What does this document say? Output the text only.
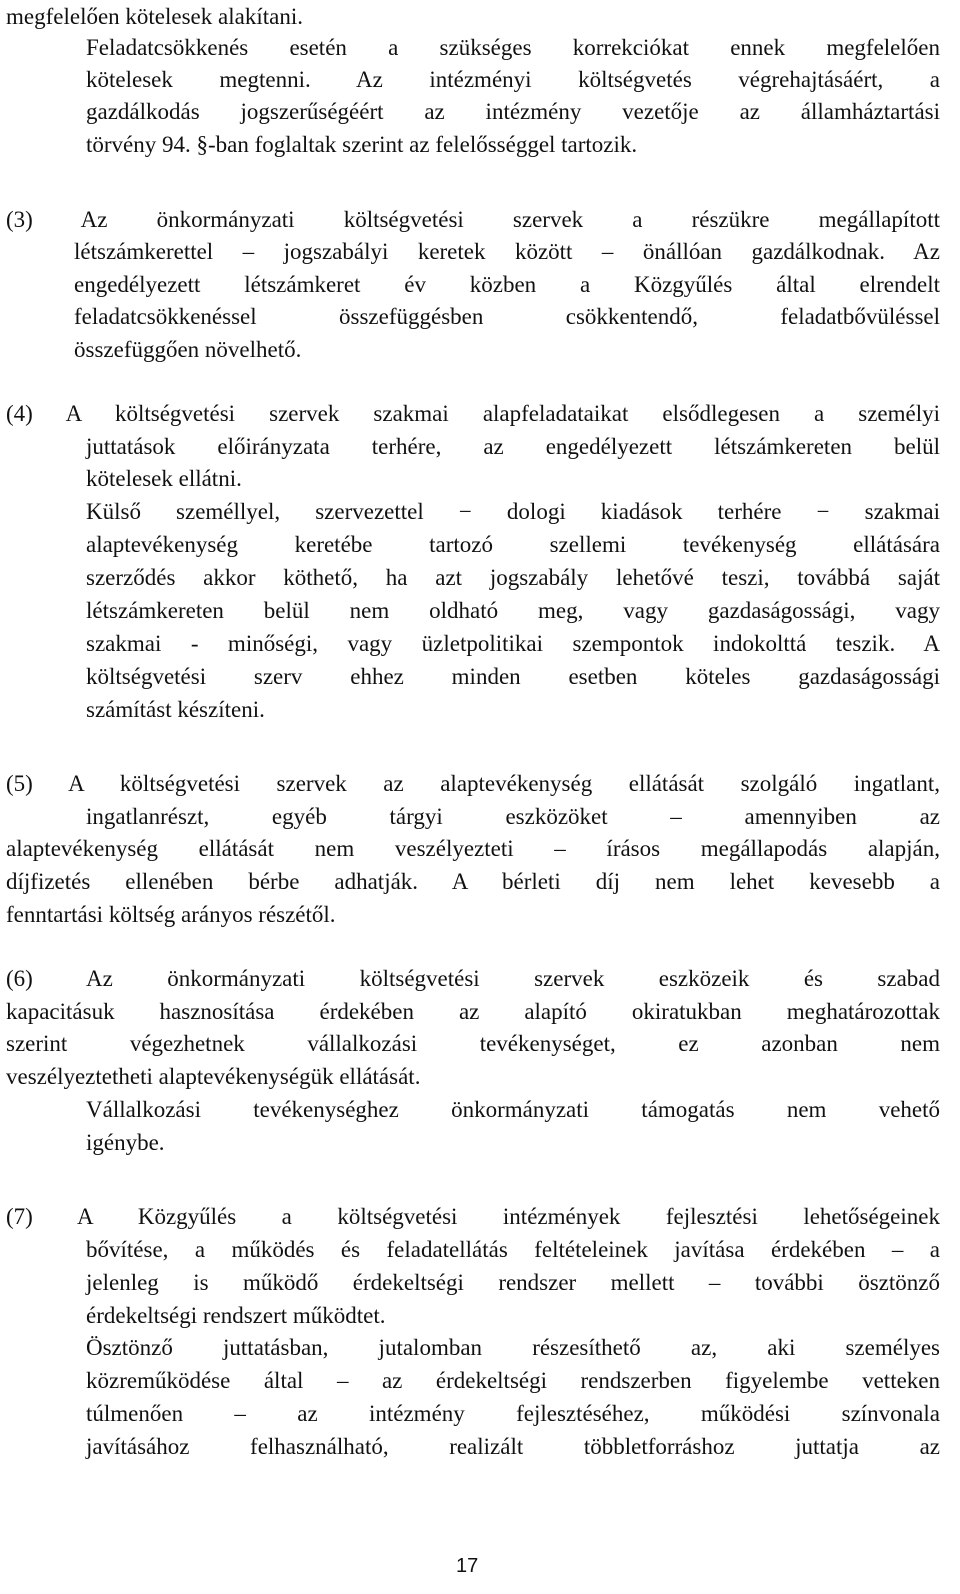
megfelelően kötelesek alakítani.
Feladatcsökkenés esetén a szükséges korrekciókat ennek megfelelően
kötelesek megtenni. Az intézményi költségvetés végrehajtásáért, a
gazdálkodás jogszerűségéért az intézmény vezetője az államháztartási
törvény 94. §-ban foglaltak szerint az felelősséggel tartozik.
(3) Az önkormányzati költségvetési szervek a részükre megállapított
létszámkerettel – jogszabályi keretek között – önállóan gazdálkodnak. Az
engedélyezett létszámkeret év közben a Közgyűlés által elrendelt
feladatcsökkenéssel összefüggésben csökkentendő, feladatbővüléssel
összefüggően növelhető.
(4) A költségvetési szervek szakmai alapfeladataikat elsődlegesen a személyi
juttatások előirányzata terhére, az engedélyezett létszámkereten belül
kötelesek ellátni.
Külső személlyel, szervezettel − dologi kiadások terhére − szakmai
alaptevékenység keretébe tartozó szellemi tevékenység ellátására
szerződés akkor köthető, ha azt jogszabály lehetővé teszi, továbbá saját
létszámkereten belül nem oldható meg, vagy gazdaságossági, vagy
szakmai - minőségi, vagy üzletpolitikai szempontok indokolttá teszik. A
költségvetési szerv ehhez minden esetben köteles gazdaságossági
számítást készíteni.
(5) A költségvetési szervek az alaptevékenység ellátását szolgáló ingatlant,
ingatlanrészt, egyéb tárgyi eszközöket – amennyiben az
alaptevékenység ellátását nem veszélyezteti – írásos megállapodás alapján,
díjfizetés ellenében bérbe adhatják. A bérleti díj nem lehet kevesebb a
fenntartási költség arányos részétől.
(6) Az önkormányzati költségvetési szervek eszközeik és szabad
kapacitásuk hasznosítása érdekében az alapító okiratukban meghatározottak
szerint végezhetnek vállalkozási tevékenységet, ez azonban nem
veszélyeztetheti alaptevékenységük ellátását.
Vállalkozási tevékenységhez önkormányzati támogatás nem vehető
igénybe.
(7) A Közgyűlés a költségvetési intézmények fejlesztési lehetőségeinek
bővítése, a működés és feladatellátás feltételeinek javítása érdekében – a
jelenleg is működő érdekeltségi rendszer mellett – további ösztönző
érdekeltségi rendszert működtet.
Ösztönző juttatásban, jutalomban részesíthető az, aki személyes
közreműködése által – az érdekeltségi rendszerben figyelembe vetteken
túlmenően – az intézmény fejlesztéséhez, működési színvonala
javításához felhasználható, realizált többletforráshoz juttatja az
17
